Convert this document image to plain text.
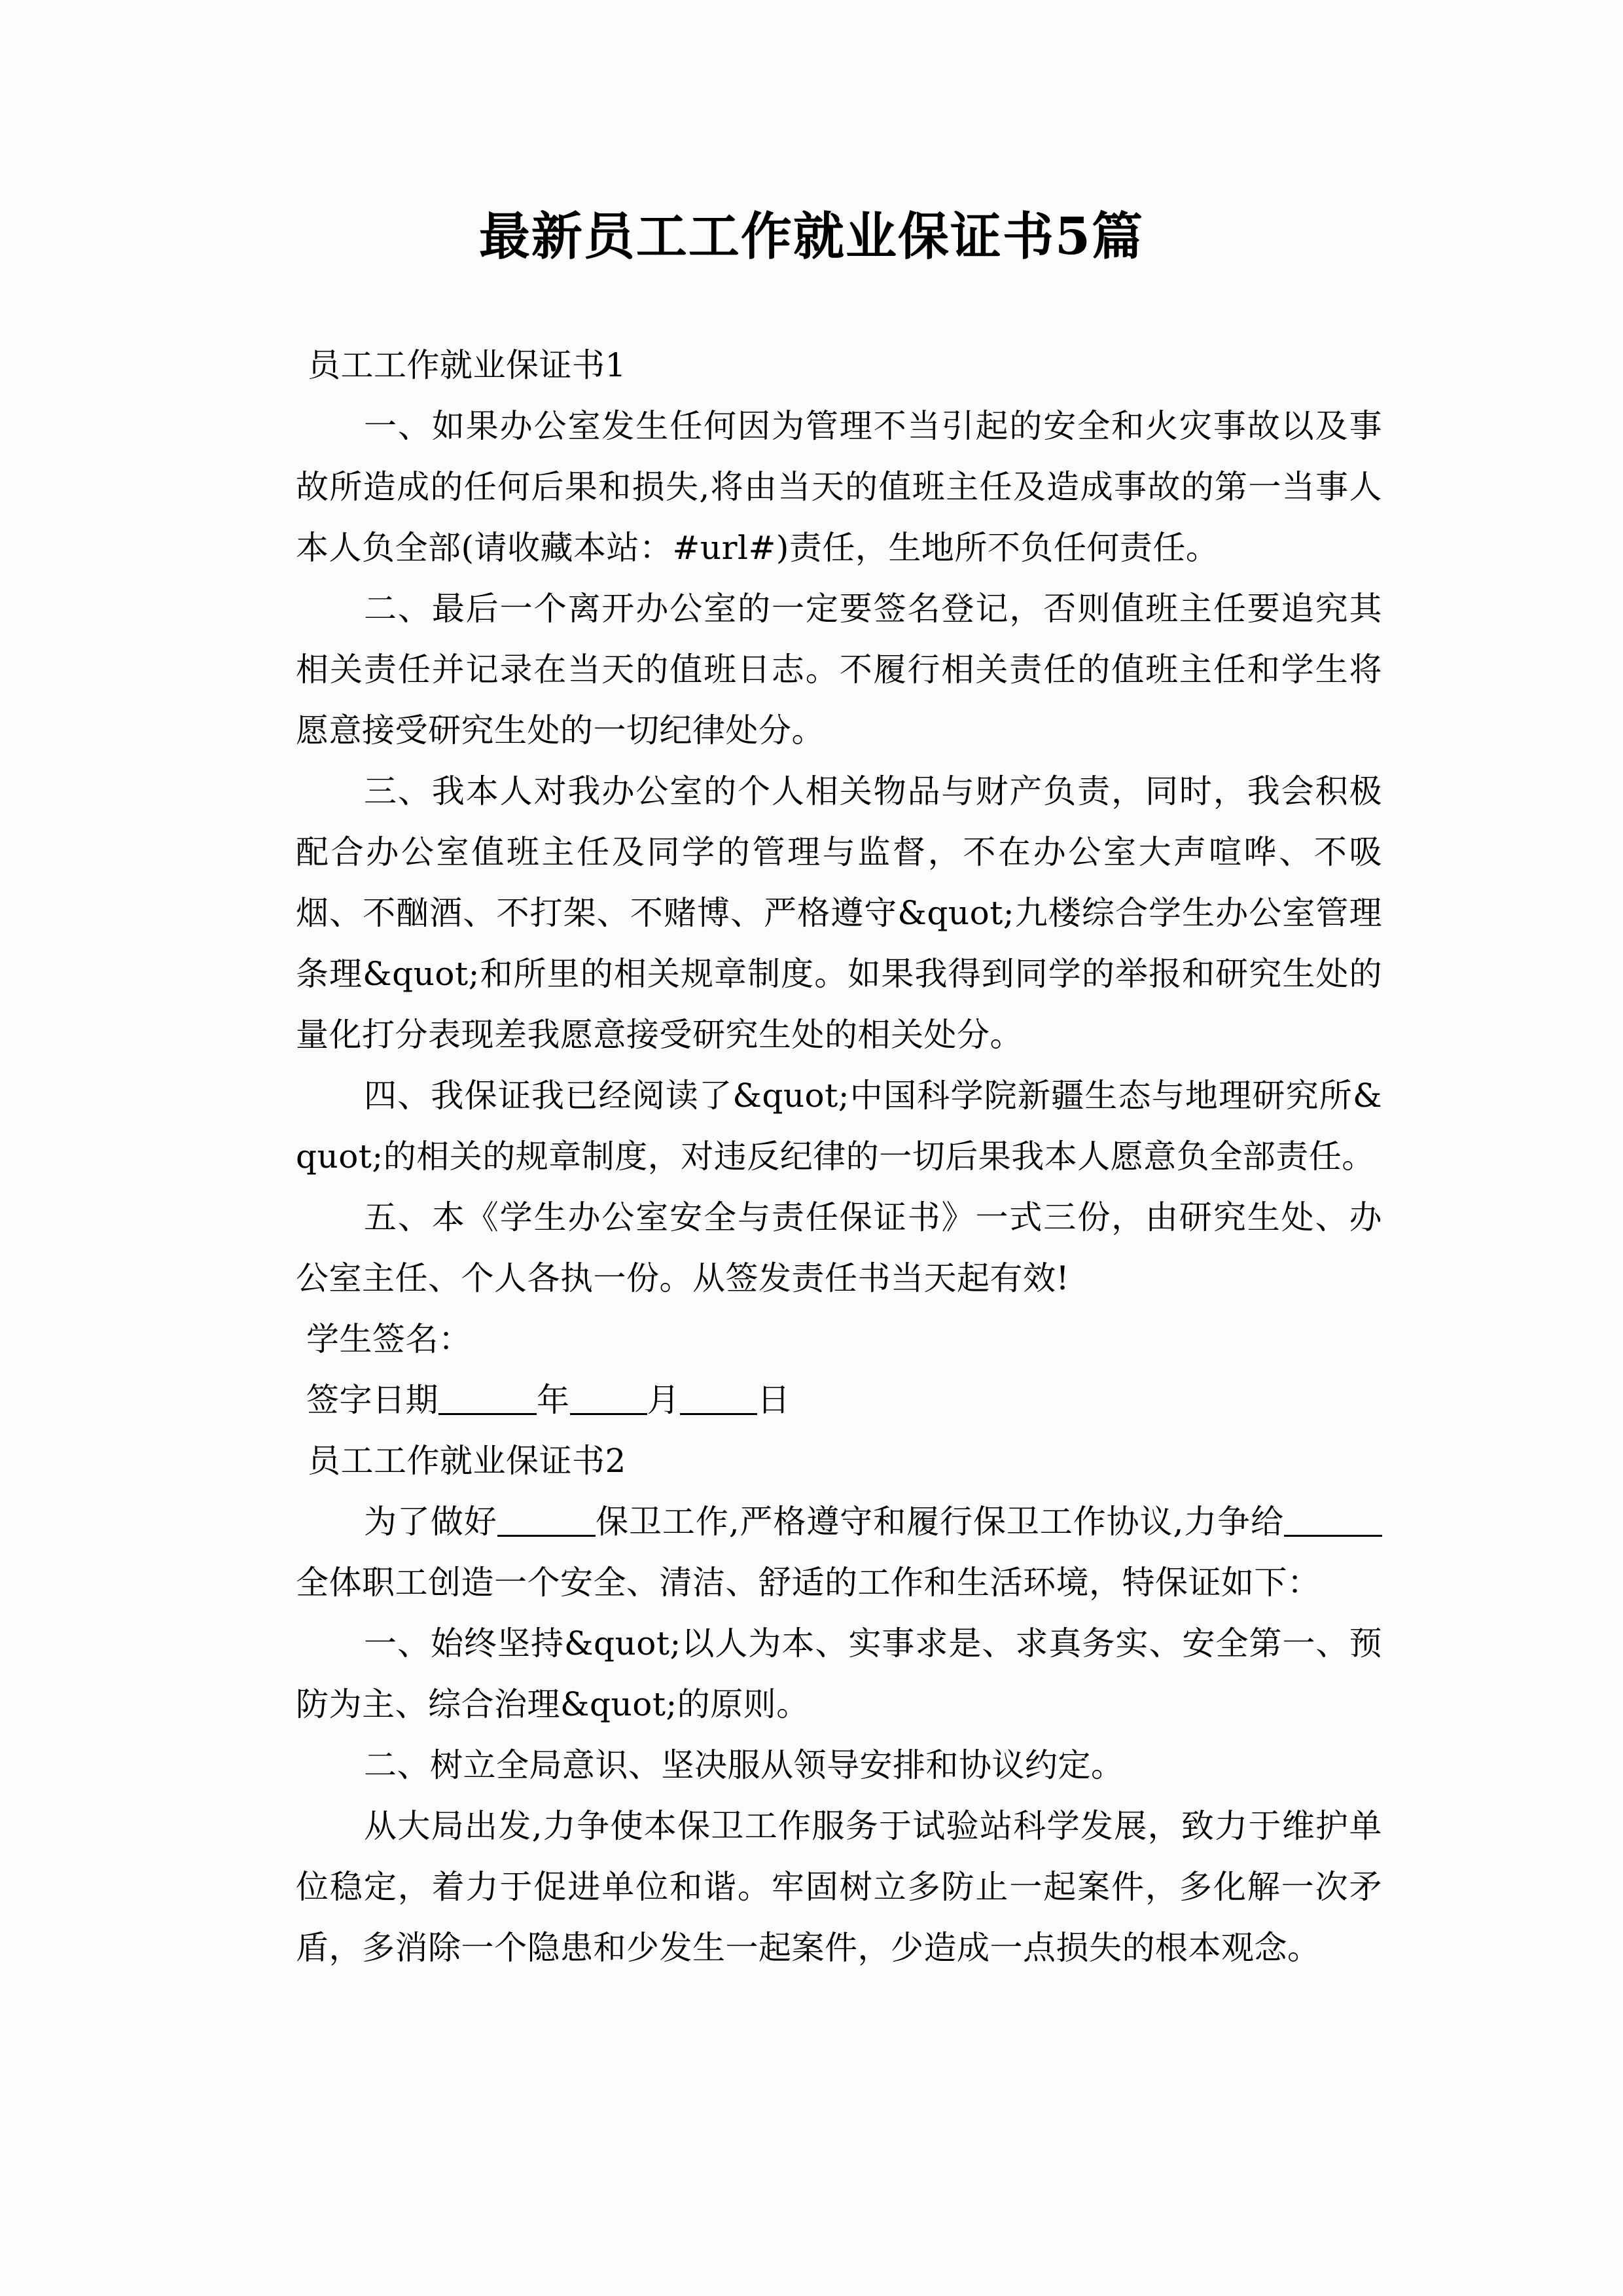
最新员工工作就业保证书5篇

员工工作就业保证书1

一、如果办公室发生任何因为管理不当引起的安全和火灾事故以及事故所造成的任何后果和损失,将由当天的值班主任及造成事故的第一当事人本人负全部(请收藏本站：#url#)责任，生地所不负任何责任。

二、最后一个离开办公室的一定要签名登记，否则值班主任要追究其相关责任并记录在当天的值班日志。不履行相关责任的值班主任和学生将愿意接受研究生处的一切纪律处分。

三、我本人对我办公室的个人相关物品与财产负责，同时，我会积极配合办公室值班主任及同学的管理与监督，不在办公室大声喧哗、不吸烟、不酗酒、不打架、不赌博、严格遵守&quot;九楼综合学生办公室管理条理&quot;和所里的相关规章制度。如果我得到同学的举报和研究生处的量化打分表现差我愿意接受研究生处的相关处分。

四、我保证我已经阅读了&quot;中国科学院新疆生态与地理研究所&quot;的相关的规章制度，对违反纪律的一切后果我本人愿意负全部责任。

五、本《学生办公室安全与责任保证书》一式三份，由研究生处、办公室主任、个人各执一份。从签发责任书当天起有效!

学生签名：

签字日期	年 月 日

员工工作就业保证书2

为了做好	保卫工作,严格遵守和履行保卫工作协议,力争给全体职工创造一个安全、清洁、舒适的工作和生活环境，特保证如下：

一、始终坚持&quot;以人为本、实事求是、求真务实、安全第一、预防为主、综合治理&quot;的原则。

二、树立全局意识、坚决服从领导安排和协议约定。

从大局出发,力争使本保卫工作服务于试验站科学发展，致力于维护单位稳定，着力于促进单位和谐。牢固树立多防止一起案件，多化解一次矛盾，多消除一个隐患和少发生一起案件，少造成一点损失的根本观念。
